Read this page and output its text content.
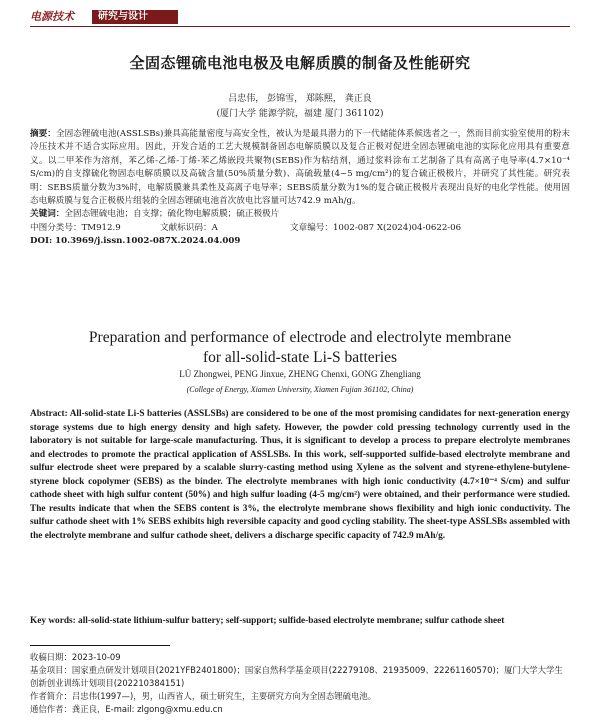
电源技术	研究与设计
全固态锂硫电池电极及电解质膜的制备及性能研究
吕忠伟， 彭锦雪， 郑陈熙， 龚正良
(厦门大学 能源学院，福建 厦门 361102)
摘要：全固态锂硫电池(ASSLSBs)兼具高能量密度与高安全性，被认为是最具潜力的下一代储能体系候选者之一，然而目前实验室使用的粉末冷压技术并不适合实际应用。因此，开发合适的工艺大规模制备固态电解质膜以及复合正极对促进全固态锂硫电池的实际化应用具有重要意义。以二甲苯作为溶剂，苯乙烯-乙烯-丁烯-苯乙烯嵌段共聚物(SEBS)作为粘结剂，通过浆料涂布工艺制备了具有高离子电导率(4.7×10⁻⁴ S/cm)的自支撑硫化物固态电解质膜以及高硫含量(50%质量分数)、高硫载量(4~5 mg/cm²)的复合硫正极极片，并研究了其性能。研究表明：SEBS质量分数为3%时，电解质膜兼具柔性及高离子电导率；SEBS质量分数为1%的复合硫正极极片表现出良好的电化学性能。使用固态电解质膜与复合正极极片组装的全固态锂硫电池首次放电比容量可达742.9 mAh/g。
关键词：全固态锂硫电池；自支撑；硫化物电解质膜；硫正极极片
中图分类号：TM912.9	文献标识码：A	文章编号：1002-087 X(2024)04-0622-06
DOI: 10.3969/j.issn.1002-087X.2024.04.009
Preparation and performance of electrode and electrolyte membrane
for all-solid-state Li-S batteries
LÜ Zhongwei, PENG Jinxue, ZHENG Chenxi, GONG Zhengliang
(College of Energy, Xiamen University, Xiamen Fujian 361102, China)
Abstract: All-solid-state Li-S batteries (ASSLSBs) are considered to be one of the most promising candidates for next-generation energy storage systems due to high energy density and high safety. However, the powder cold pressing technology currently used in the laboratory is not suitable for large-scale manufacturing. Thus, it is significant to develop a process to prepare electrolyte membranes and electrodes to promote the practical application of ASSLSBs. In this work, self-supported sulfide-based electrolyte membrane and sulfur electrode sheet were prepared by a scalable slurry-casting method using Xylene as the solvent and styrene-ethylene-butylene-styrene block copolymer (SEBS) as the binder. The electrolyte membranes with high ionic conductivity (4.7×10⁻⁴ S/cm) and sulfur cathode sheet with high sulfur content (50%) and high sulfur loading (4-5 mg/cm²) were obtained, and their performance were studied. The results indicate that when the SEBS content is 3%, the electrolyte membrane shows flexibility and high ionic conductivity. The sulfur cathode sheet with 1% SEBS exhibits high reversible capacity and good cycling stability. The sheet-type ASSLSBs assembled with the electrolyte membrane and sulfur cathode sheet, delivers a discharge specific capacity of 742.9 mAh/g.
Key words: all-solid-state lithium-sulfur battery; self-support; sulfide-based electrolyte membrane; sulfur cathode sheet
收稿日期：2023-10-09
基金项目：国家重点研发计划项目(2021YFB2401800)；国家自然科学基金项目(22279108、21935009、22261160570)；厦门大学大学生创新创业训练计划项目(202210384151)
作者简介：吕忠伟(1997—)，男，山西省人，硕士研究生，主要研究方向为全固态锂硫电池。
通信作者：龚正良，E-mail: zlgong@xmu.edu.cn
